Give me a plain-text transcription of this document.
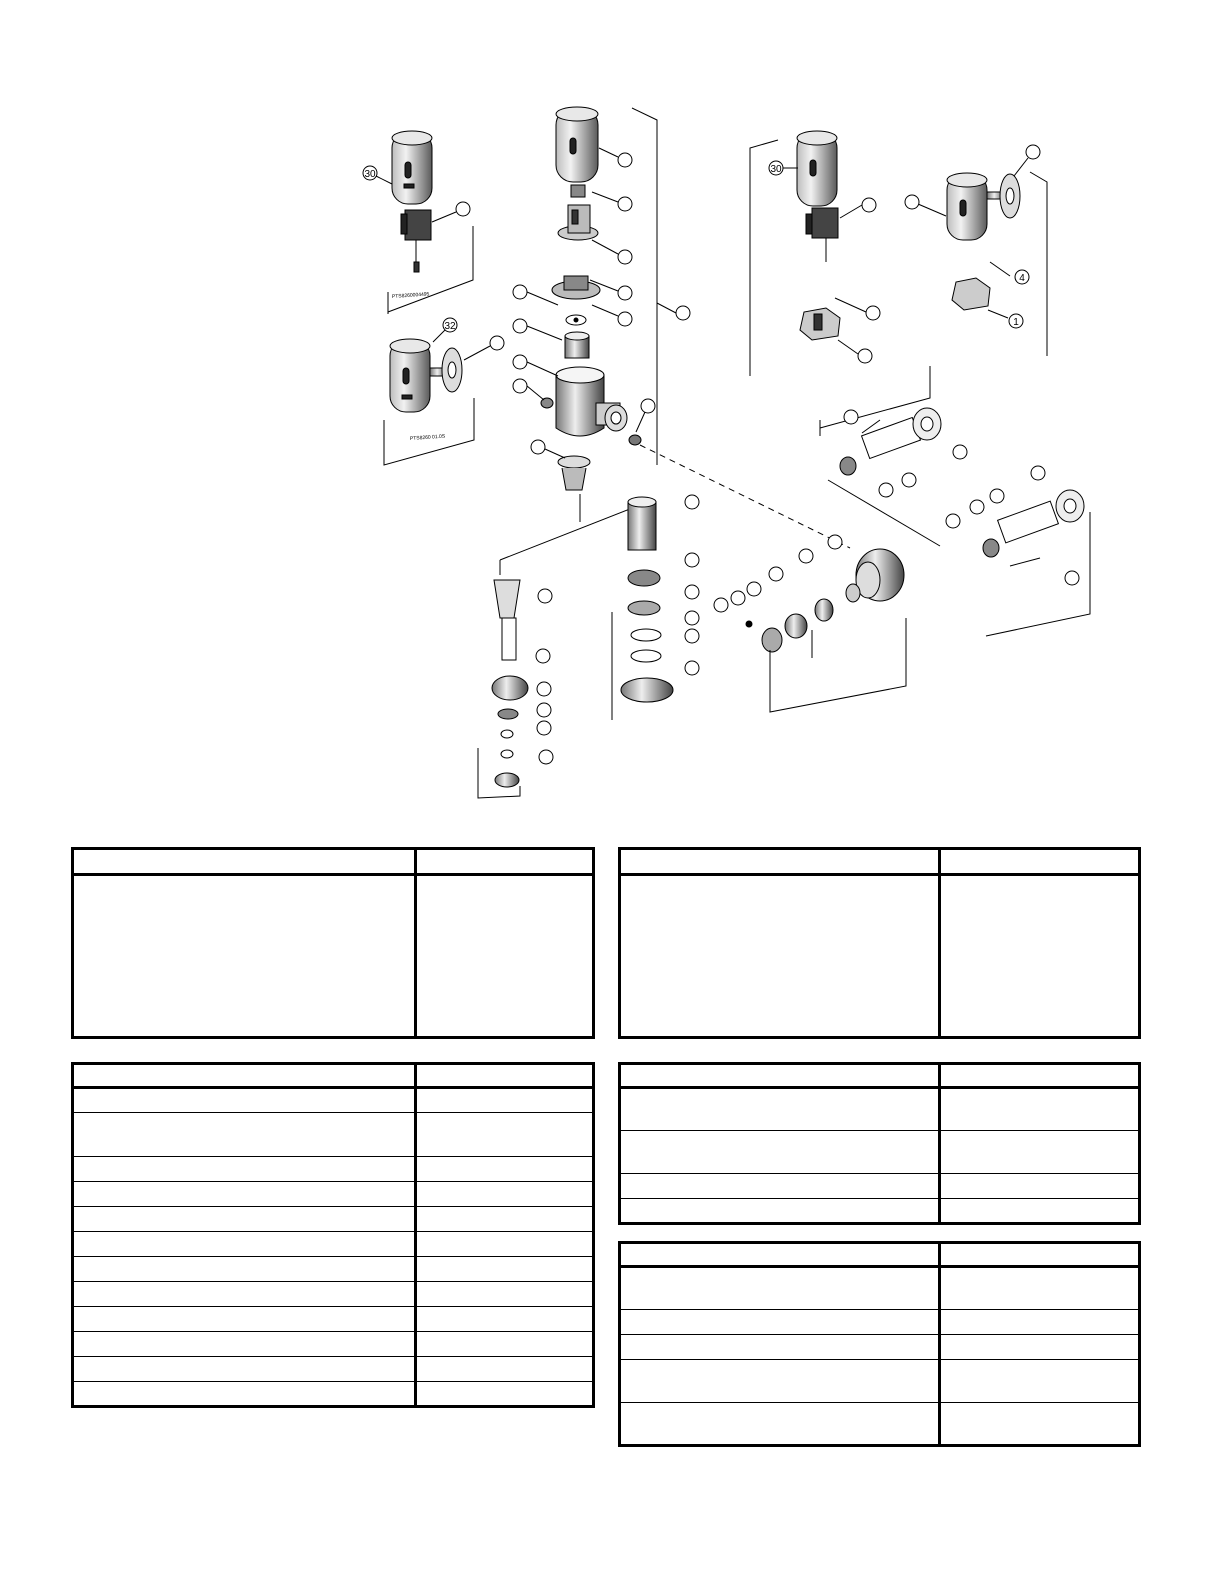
30
32
30
4
1
PTS8260004495
PTS8260 01.0S
